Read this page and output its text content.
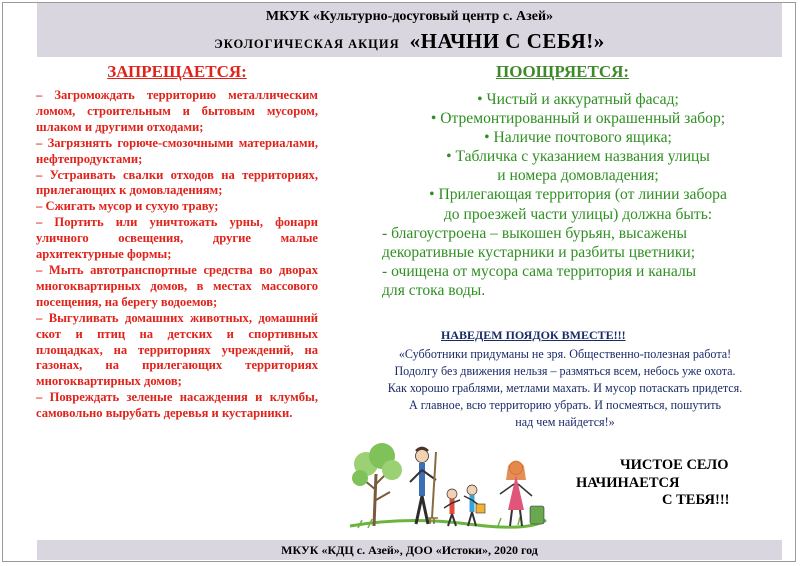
МКУК «Культурно-досуговый центр с. Азей»
ЭКОЛОГИЧЕСКАЯ АКЦИЯ «НАЧНИ С СЕБЯ!»
ЗАПРЕЩАЕТСЯ:

– Загромождать территорию металлическим ломом, строительным и бытовым мусором, шлаком и другими отходами;

– Загрязнять горюче-смозочными материалами, нефтепродуктами;

– Устраивать свалки отходов на территориях, прилегающих к домовладениям;

– Сжигать мусор и сухую траву;

– Портить или уничтожать урны, фонари уличного освещения, другие малые архитектурные формы;

– Мыть автотранспортные средства во дворах многоквартирных домов, в местах массового посещения, на берегу водоемов;

– Выгуливать домашних животных, домашний скот и птиц на детских и спортивных площадках, на территориях учреждений, на газонах, на прилегающих территориях многоквартирных домов;

– Повреждать зеленые насаждения и клумбы, самовольно вырубать деревья и кустарники.

ПООЩРЯЕТСЯ:

• Чистый и аккуратный фасад;

• Отремонтированный и окрашенный забор;

• Наличие почтового ящика;

• Табличка с указанием названия улицы

и номера домовладения;

• Прилегающая территория (от линии забора

до проезжей части улицы) должна быть:

- благоустроена – выкошен бурьян, высажены

декоративные кустарники и разбиты цветники;

- очищена от мусора сама территория и каналы

для стока воды.

НАВЕДЕМ ПОЯДОК ВМЕСТЕ!!!
«Субботники придуманы не зря. Общественно-полезная работа!
Подолгу без движения нельзя – размяться всем, небось уже охота.
Как хорошо граблями, метлами махать. И мусор потаскать придется.
А главное, всю территорию убрать. И посмеяться, пошутить
над чем найдется!»
ЧИСТОЕ СЕЛО
НАЧИНАЕТСЯ
С ТЕБЯ!!!
МКУК «КДЦ с. Азей», ДОО «Истоки», 2020 год
